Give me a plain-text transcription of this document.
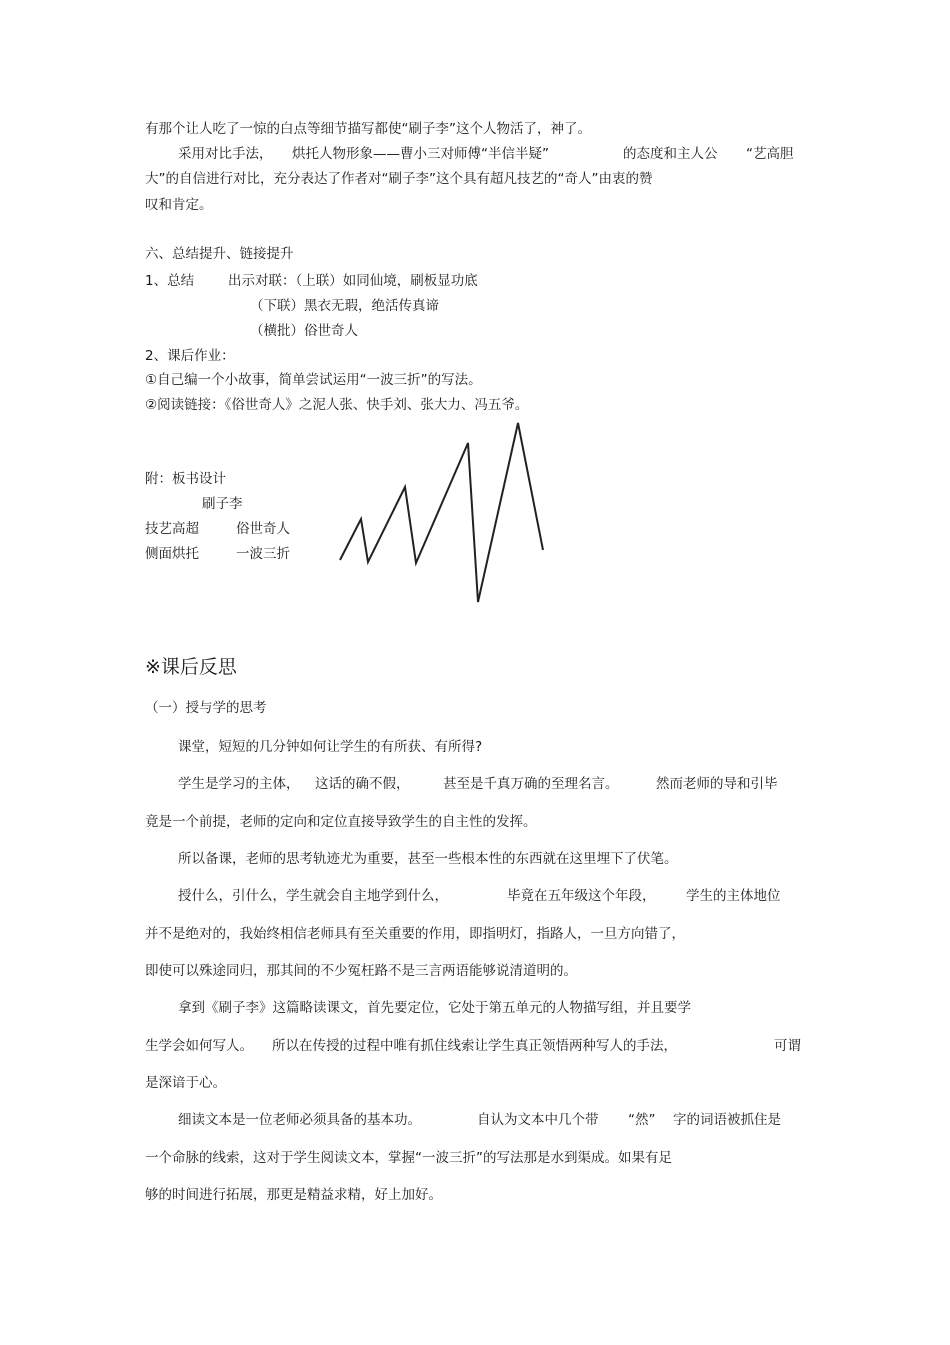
有那个让人吃了一惊的白点等细节描写都使“刷子李”这个人物活了，神了。
采用对比手法， 烘托人物形象——曹小三对师傅“半信半疑”	的态度和主人公 “艺高胆
大”的自信进行对比，充分表达了作者对“刷子李”这个具有超凡技艺的“奇人”由衷的赞
叹和肯定。
六、总结提升、链接提升
1、总结	出示对联：（上联）如同仙境，刷板显功底
（下联）黑衣无瑕，绝活传真谛
（横批）俗世奇人
2、课后作业：
①自己编一个小故事，简单尝试运用“一波三折”的写法。
②阅读链接：《俗世奇人》之泥人张、快手刘、张大力、冯五爷。
附：板书设计
刷子李
技艺高超	俗世奇人
侧面烘托	一波三折
※课后反思
（一）授与学的思考
课堂，短短的几分钟如何让学生的有所获、有所得?
学生是学习的主体， 这话的确不假， 甚至是千真万确的至理名言。	然而老师的导和引毕
竟是一个前提，老师的定向和定位直接导致学生的自主性的发挥。
所以备课，老师的思考轨迹尤为重要，甚至一些根本性的东西就在这里埋下了伏笔。
授什么，引什么，学生就会自主地学到什么，	毕竟在五年级这个年段， 学生的主体地位
并不是绝对的，我始终相信老师具有至关重要的作用，即指明灯，指路人，一旦方向错了，
即使可以殊途同归，那其间的不少冤枉路不是三言两语能够说清道明的。
拿到《刷子李》这篇略读课文，首先要定位，它处于第五单元的人物描写组，并且要学
生学会如何写人。 所以在传授的过程中唯有抓住线索让学生真正领悟两种写人的手法，	可谓
是深谙于心。
细读文本是一位老师必须具备的基本功。	自认为文本中几个带 “然” 字的词语被抓住是
一个命脉的线索，这对于学生阅读文本，掌握“一波三折”的写法那是水到渠成。如果有足
够的时间进行拓展，那更是精益求精，好上加好。
